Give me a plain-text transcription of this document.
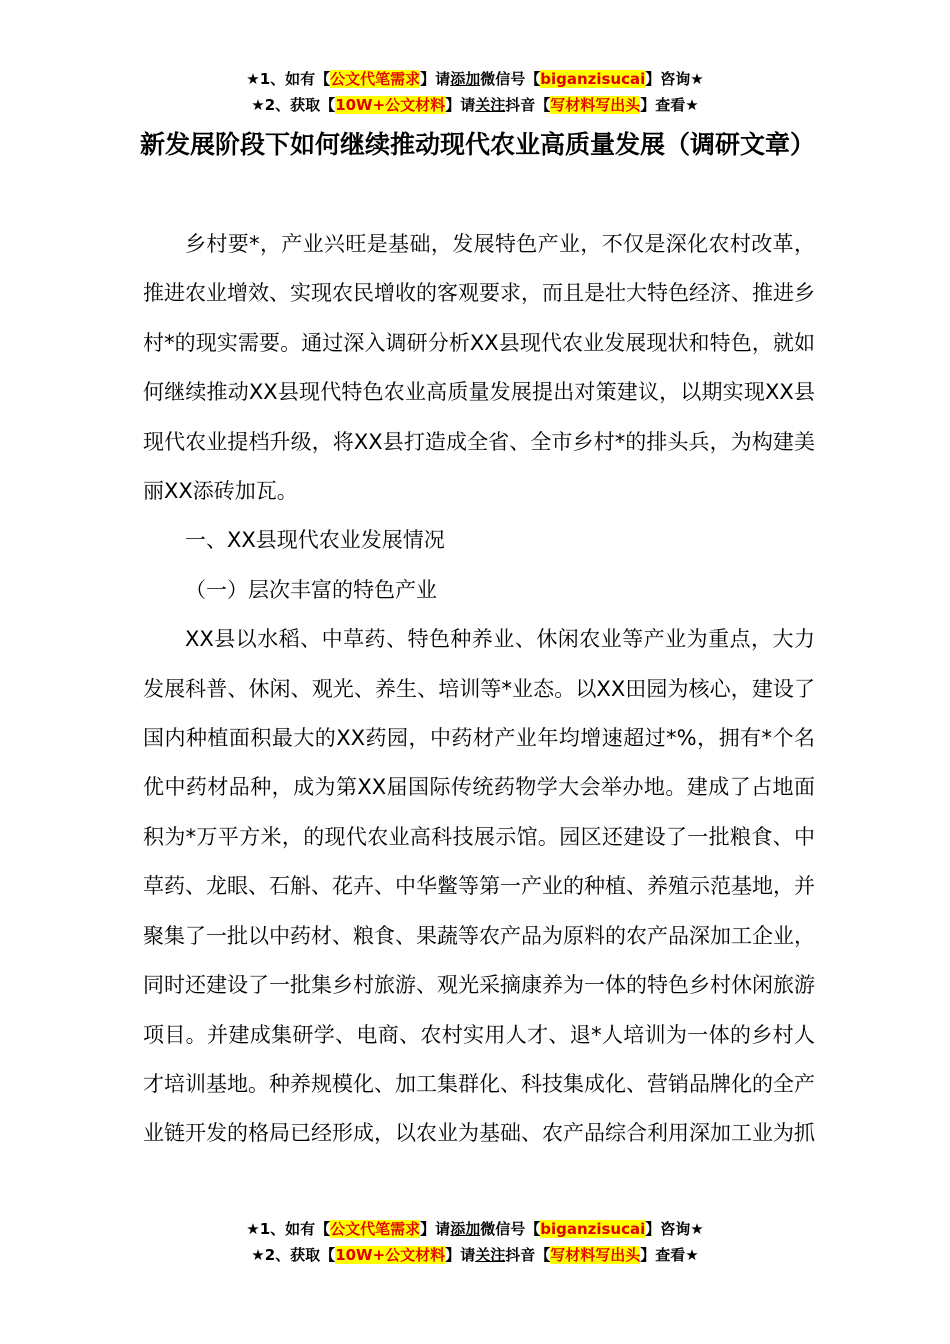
★1、如有【公文代笔需求】请添加微信号【biganzisucai】咨询★
★2、获取【10W+公文材料】请关注抖音【写材料写出头】查看★
新发展阶段下如何继续推动现代农业高质量发展（调研文章）

乡村要*，产业兴旺是基础，发展特色产业，不仅是深化农村改革，推进农业增效、实现农民增收的客观要求，而且是壮大特色经济、推进乡村*的现实需要。通过深入调研分析XX县现代农业发展现状和特色，就如何继续推动XX县现代特色农业高质量发展提出对策建议，以期实现XX县现代农业提档升级，将XX县打造成全省、全市乡村*的排头兵，为构建美丽XX添砖加瓦。

一、XX县现代农业发展情况

（一）层次丰富的特色产业

XX县以水稻、中草药、特色种养业、休闲农业等产业为重点，大力发展科普、休闲、观光、养生、培训等*业态。以XX田园为核心，建设了国内种植面积最大的XX药园，中药材产业年均增速超过*%，拥有*个名优中药材品种，成为第XX届国际传统药物学大会举办地。建成了占地面积为*万平方米，的现代农业高科技展示馆。园区还建设了一批粮食、中草药、龙眼、石斛、花卉、中华鳖等第一产业的种植、养殖示范基地，并聚集了一批以中药材、粮食、果蔬等农产品为原料的农产品深加工企业，同时还建设了一批集乡村旅游、观光采摘康养为一体的特色乡村休闲旅游项目。并建成集研学、电商、农村实用人才、退*人培训为一体的乡村人才培训基地。种养规模化、加工集群化、科技集成化、营销品牌化的全产业链开发的格局已经形成，以农业为基础、农产品综合利用深加工业为抓

★1、如有【公文代笔需求】请添加微信号【biganzisucai】咨询★
★2、获取【10W+公文材料】请关注抖音【写材料写出头】查看★
